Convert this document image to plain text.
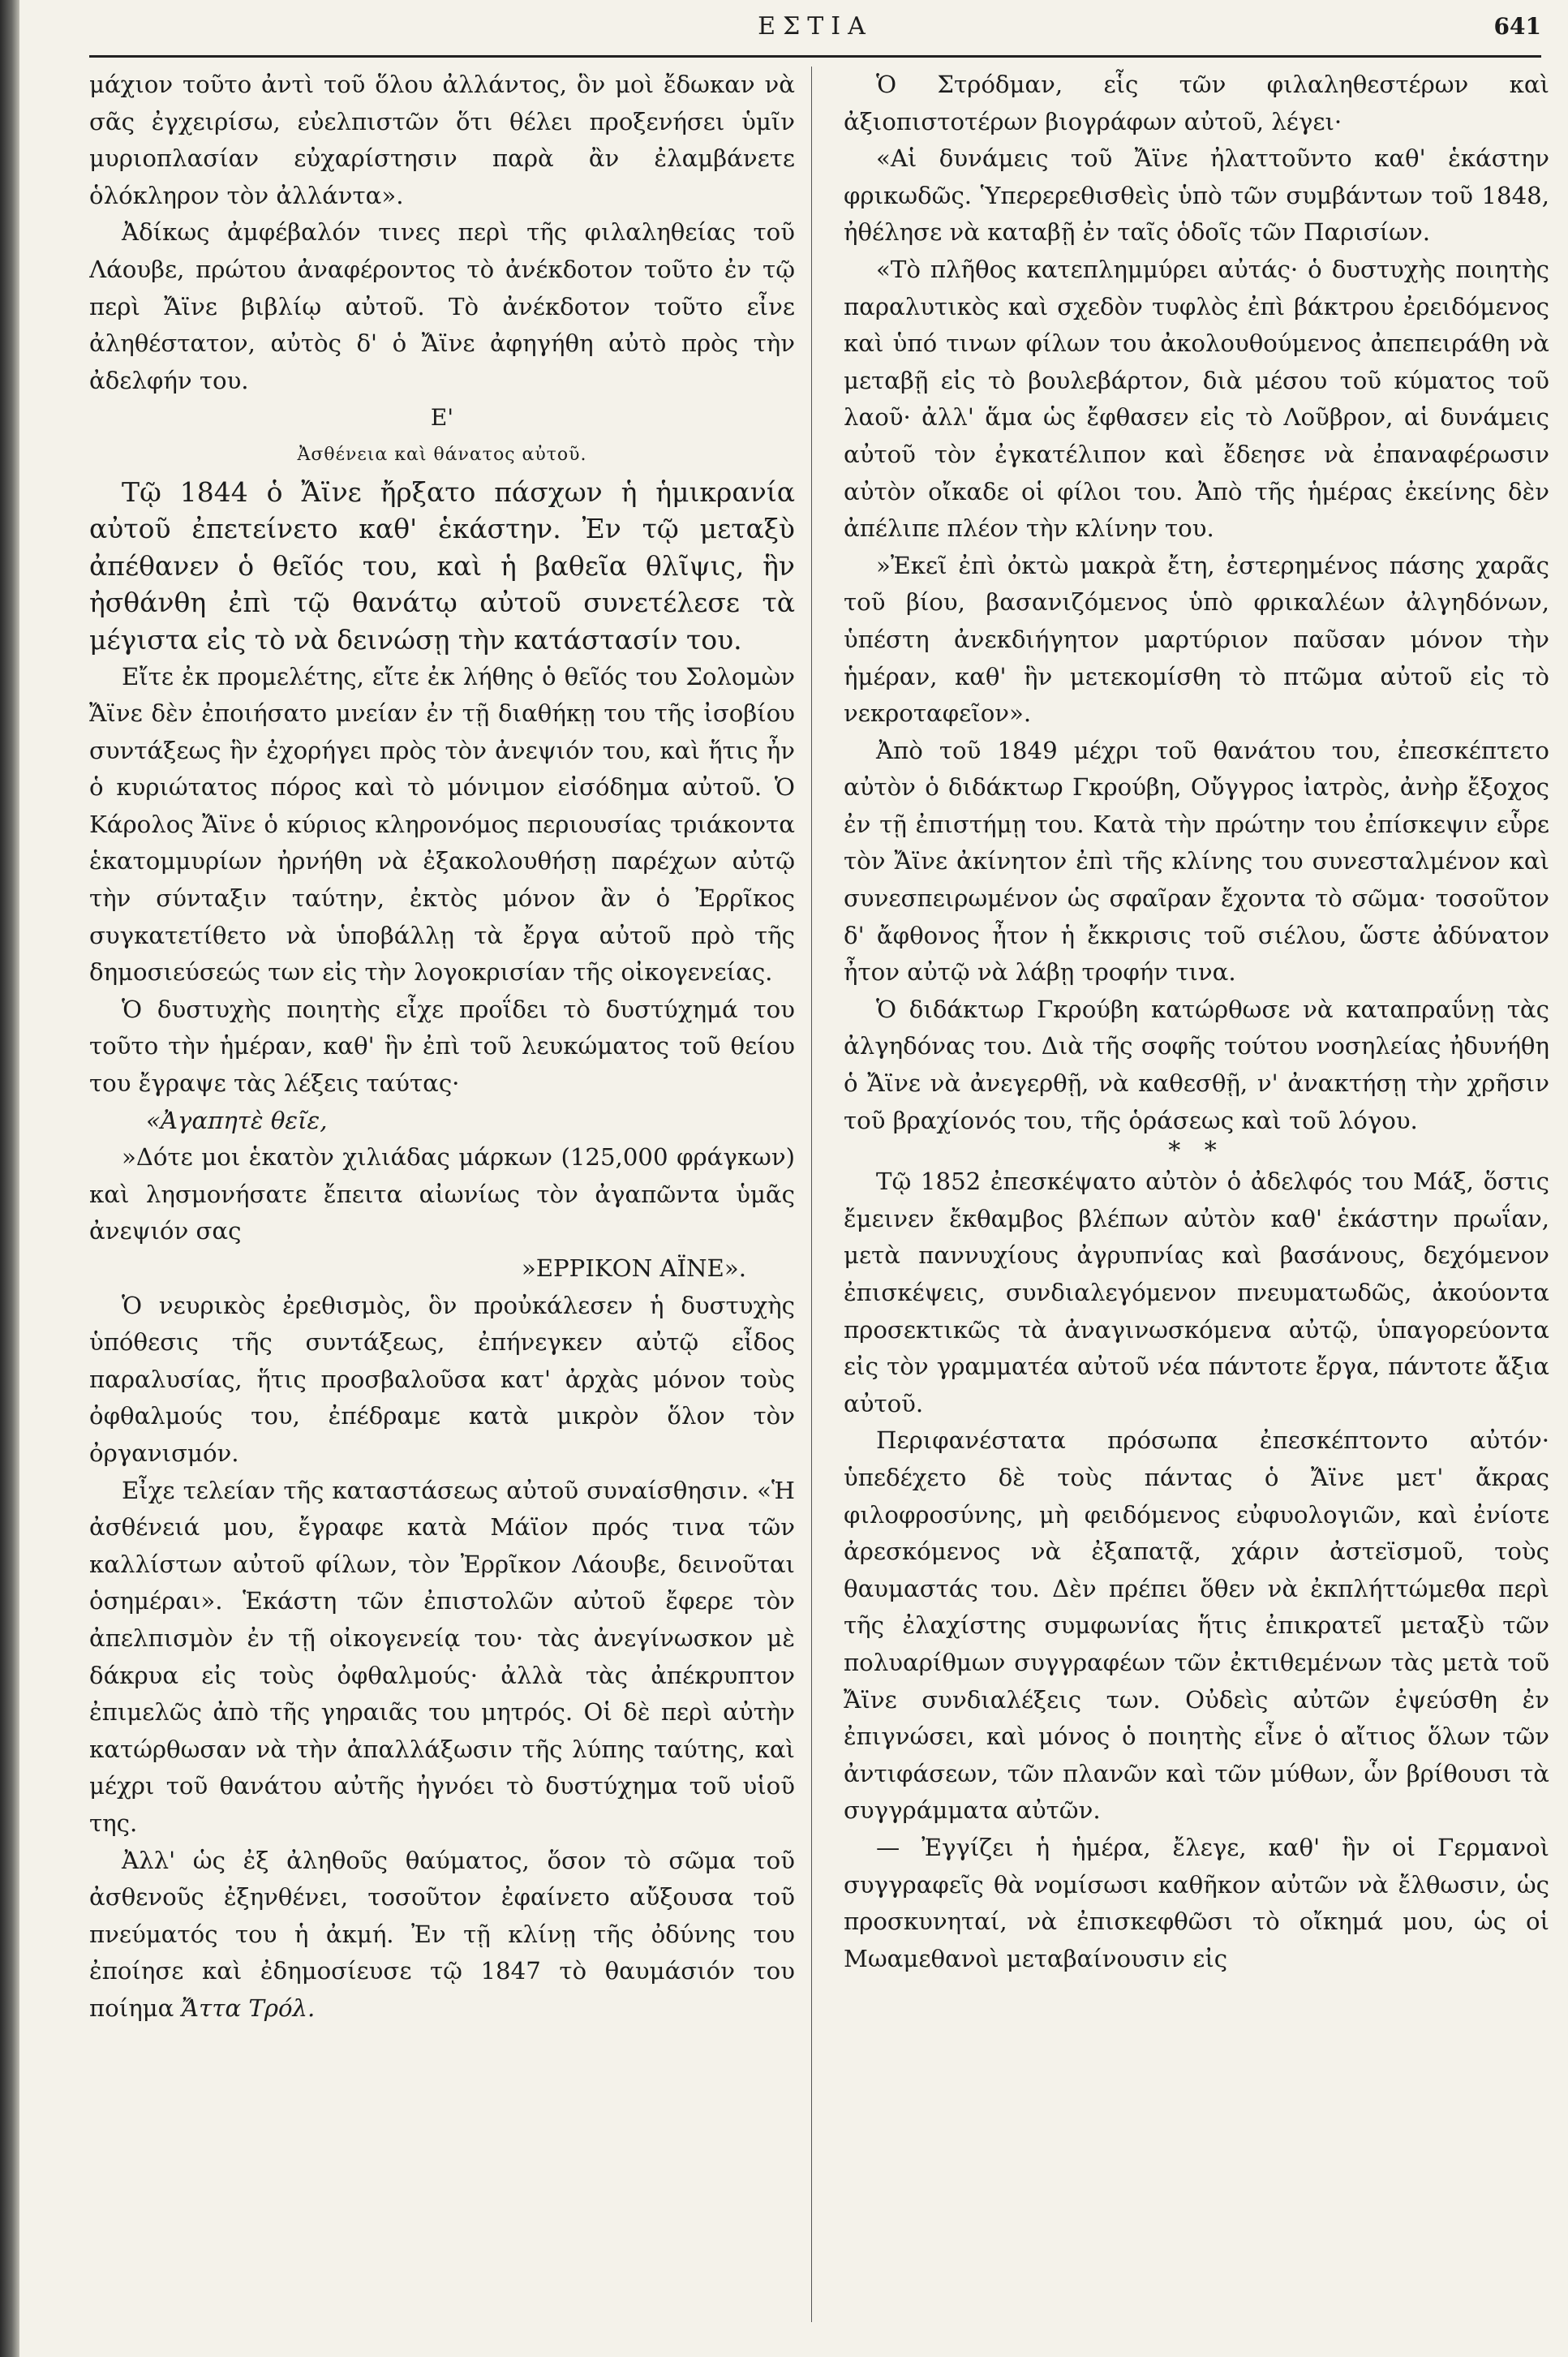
ΕΣΤΙΑ	641

μάχιον τοῦτο ἀντὶ τοῦ ὅλου ἀλλάντος, ὃν μοὶ ἔδωκαν νὰ σᾶς ἐγχειρίσω, εὐελπιστῶν ὅτι θέλει προξενήσει ὑμῖν μυριοπλασίαν εὐχαρίστησιν παρὰ ἂν ἐλαμβάνετε ὁλόκληρον τὸν ἀλλάντα».

Ἀδίκως ἀμφέβαλόν τινες περὶ τῆς φιλαληθείας τοῦ Λάουβε, πρώτου ἀναφέροντος τὸ ἀνέκδοτον τοῦτο ἐν τῷ περὶ Ἄϊνε βιβλίῳ αὐτοῦ. Τὸ ἀνέκδοτον τοῦτο εἶνε ἀληθέστατον, αὐτὸς δ' ὁ Ἄϊνε ἀφηγήθη αὐτὸ πρὸς τὴν ἀδελφήν του.

Ε'

Ἀσθένεια καὶ θάνατος αὐτοῦ.

Τῷ 1844 ὁ Ἄϊνε ἤρξατο πάσχων ἡ ἡμικρανία αὐτοῦ ἐπετείνετο καθ' ἑκάστην. Ἐν τῷ μεταξὺ ἀπέθανεν ὁ θεῖός του, καὶ ἡ βαθεῖα θλῖψις, ἣν ἠσθάνθη ἐπὶ τῷ θανάτῳ αὐτοῦ συνετέλεσε τὰ μέγιστα εἰς τὸ νὰ δεινώσῃ τὴν κατάστασίν του.

Εἴτε ἐκ προμελέτης, εἴτε ἐκ λήθης ὁ θεῖός του Σολομὼν Ἄϊνε δὲν ἐποιήσατο μνείαν ἐν τῇ διαθήκῃ του τῆς ἰσοβίου συντάξεως ἣν ἐχορήγει πρὸς τὸν ἀνεψιόν του, καὶ ἥτις ἦν ὁ κυριώτατος πόρος καὶ τὸ μόνιμον εἰσόδημα αὐτοῦ. Ὁ Κάρολος Ἄϊνε ὁ κύριος κληρονόμος περιουσίας τριάκοντα ἑκατομμυρίων ἠρνήθη νὰ ἐξακολουθήσῃ παρέχων αὐτῷ τὴν σύνταξιν ταύτην, ἐκτὸς μόνον ἂν ὁ Ἐρρῖκος συγκατετίθετο νὰ ὑποβάλλῃ τὰ ἔργα αὐτοῦ πρὸ τῆς δημοσιεύσεώς των εἰς τὴν λογοκρισίαν τῆς οἰκογενείας.

Ὁ δυστυχὴς ποιητὴς εἶχε προΐδει τὸ δυστύχημά του τοῦτο τὴν ἡμέραν, καθ' ἣν ἐπὶ τοῦ λευκώματος τοῦ θείου του ἔγραψε τὰς λέξεις ταύτας·

«Ἀγαπητὲ θεῖε,

»Δότε μοι ἑκατὸν χιλιάδας μάρκων (125,000 φράγκων) καὶ λησμονήσατε ἔπειτα αἰωνίως τὸν ἀγαπῶντα ὑμᾶς ἀνεψιόν σας

»ΕΡΡΙΚΟΝ ΑΪΝΕ».

Ὁ νευρικὸς ἐρεθισμὸς, ὃν προὐκάλεσεν ἡ δυστυχὴς ὑπόθεσις τῆς συντάξεως, ἐπήνεγκεν αὐτῷ εἶδος παραλυσίας, ἥτις προσβαλοῦσα κατ' ἀρχὰς μόνον τοὺς ὀφθαλμούς του, ἐπέδραμε κατὰ μικρὸν ὅλον τὸν ὀργανισμόν.

Εἶχε τελείαν τῆς καταστάσεως αὐτοῦ συναίσθησιν. «Ἡ ἀσθένειά μου, ἔγραφε κατὰ Μάϊον πρός τινα τῶν καλλίστων αὐτοῦ φίλων, τὸν Ἐρρῖκον Λάουβε, δεινοῦται ὁσημέραι». Ἑκάστη τῶν ἐπιστολῶν αὐτοῦ ἔφερε τὸν ἀπελπισμὸν ἐν τῇ οἰκογενείᾳ του· τὰς ἀνεγίνωσκον μὲ δάκρυα εἰς τοὺς ὀφθαλμούς· ἀλλὰ τὰς ἀπέκρυπτον ἐπιμελῶς ἀπὸ τῆς γηραιᾶς του μητρός. Οἱ δὲ περὶ αὐτὴν κατώρθωσαν νὰ τὴν ἀπαλλάξωσιν τῆς λύπης ταύτης, καὶ μέχρι τοῦ θανάτου αὐτῆς ἠγνόει τὸ δυστύχημα τοῦ υἱοῦ της.

Ἀλλ' ὡς ἐξ ἀληθοῦς θαύματος, ὅσον τὸ σῶμα τοῦ ἀσθενοῦς ἐξηνθένει, τοσοῦτον ἐφαίνετο αὔξουσα τοῦ πνεύματός του ἡ ἀκμή. Ἐν τῇ κλίνῃ τῆς ὀδύνης του ἐποίησε καὶ ἐδημοσίευσε τῷ 1847 τὸ θαυμάσιόν του ποίημα Ἄττα Τρόλ.

Ὁ Στρόδμαν, εἷς τῶν φιλαληθεστέρων καὶ ἀξιοπιστοτέρων βιογράφων αὐτοῦ, λέγει·

«Αἱ δυνάμεις τοῦ Ἄϊνε ἠλαττοῦντο καθ' ἑκάστην φρικωδῶς. Ὑπερερεθισθεὶς ὑπὸ τῶν συμβάντων τοῦ 1848, ἠθέλησε νὰ καταβῇ ἐν ταῖς ὁδοῖς τῶν Παρισίων.

«Τὸ πλῆθος κατεπλημμύρει αὐτάς· ὁ δυστυχὴς ποιητὴς παραλυτικὸς καὶ σχεδὸν τυφλὸς ἐπὶ βάκτρου ἐρειδόμενος καὶ ὑπό τινων φίλων του ἀκολουθούμενος ἀπεπειράθη νὰ μεταβῇ εἰς τὸ βουλεβάρτον, διὰ μέσου τοῦ κύματος τοῦ λαοῦ· ἀλλ' ἅμα ὡς ἔφθασεν εἰς τὸ Λοῦβρον, αἱ δυνάμεις αὐτοῦ τὸν ἐγκατέλιπον καὶ ἔδεησε νὰ ἐπαναφέρωσιν αὐτὸν οἴκαδε οἱ φίλοι του. Ἀπὸ τῆς ἡμέρας ἐκείνης δὲν ἀπέλιπε πλέον τὴν κλίνην του.

»Ἐκεῖ ἐπὶ ὀκτὼ μακρὰ ἔτη, ἐστερημένος πάσης χαρᾶς τοῦ βίου, βασανιζόμενος ὑπὸ φρικαλέων ἀλγηδόνων, ὑπέστη ἀνεκδιήγητον μαρτύριον παῦσαν μόνον τὴν ἡμέραν, καθ' ἣν μετεκομίσθη τὸ πτῶμα αὐτοῦ εἰς τὸ νεκροταφεῖον».

Ἀπὸ τοῦ 1849 μέχρι τοῦ θανάτου του, ἐπεσκέπτετο αὐτὸν ὁ διδάκτωρ Γκρούβη, Οὔγγρος ἰατρὸς, ἀνὴρ ἔξοχος ἐν τῇ ἐπιστήμῃ του. Κατὰ τὴν πρώτην του ἐπίσκεψιν εὗρε τὸν Ἄϊνε ἀκίνητον ἐπὶ τῆς κλίνης του συνεσταλμένον καὶ συνεσπειρωμένον ὡς σφαῖραν ἔχοντα τὸ σῶμα· τοσοῦτον δ' ἄφθονος ἦτον ἡ ἔκκρισις τοῦ σιέλου, ὥστε ἀδύνατον ἦτον αὐτῷ νὰ λάβῃ τροφήν τινα.

Ὁ διδάκτωρ Γκρούβη κατώρθωσε νὰ καταπραΰνῃ τὰς ἀλγηδόνας του. Διὰ τῆς σοφῆς τούτου νοσηλείας ἠδυνήθη ὁ Ἄϊνε νὰ ἀνεγερθῇ, νὰ καθεσθῇ, ν' ἀνακτήσῃ τὴν χρῆσιν τοῦ βραχίονός του, τῆς ὁράσεως καὶ τοῦ λόγου.

* *

Τῷ 1852 ἐπεσκέψατο αὐτὸν ὁ ἀδελφός του Μάξ, ὅστις ἔμεινεν ἔκθαμβος βλέπων αὐτὸν καθ' ἑκάστην πρωΐαν, μετὰ παννυχίους ἀγρυπνίας καὶ βασάνους, δεχόμενον ἐπισκέψεις, συνδιαλεγόμενον πνευματωδῶς, ἀκούοντα προσεκτικῶς τὰ ἀναγινωσκόμενα αὐτῷ, ὑπαγορεύοντα εἰς τὸν γραμματέα αὐτοῦ νέα πάντοτε ἔργα, πάντοτε ἄξια αὐτοῦ.

Περιφανέστατα πρόσωπα ἐπεσκέπτοντο αὐτόν· ὑπεδέχετο δὲ τοὺς πάντας ὁ Ἄϊνε μετ' ἄκρας φιλοφροσύνης, μὴ φειδόμενος εὐφυολογιῶν, καὶ ἐνίοτε ἀρεσκόμενος νὰ ἐξαπατᾷ, χάριν ἀστεϊσμοῦ, τοὺς θαυμαστάς του. Δὲν πρέπει ὅθεν νὰ ἐκπλήττώμεθα περὶ τῆς ἐλαχίστης συμφωνίας ἥτις ἐπικρατεῖ μεταξὺ τῶν πολυαρίθμων συγγραφέων τῶν ἐκτιθεμένων τὰς μετὰ τοῦ Ἄϊνε συνδιαλέξεις των. Οὐδεὶς αὐτῶν ἐψεύσθη ἐν ἐπιγνώσει, καὶ μόνος ὁ ποιητὴς εἶνε ὁ αἴτιος ὅλων τῶν ἀντιφάσεων, τῶν πλανῶν καὶ τῶν μύθων, ὧν βρίθουσι τὰ συγγράμματα αὐτῶν.

— Ἐγγίζει ἡ ἡμέρα, ἔλεγε, καθ' ἣν οἱ Γερμανοὶ συγγραφεῖς θὰ νομίσωσι καθῆκον αὐτῶν νὰ ἔλθωσιν, ὡς προσκυνηταί, νὰ ἐπισκεφθῶσι τὸ οἴκημά μου, ὡς οἱ Μωαμεθανοὶ μεταβαίνουσιν εἰς
